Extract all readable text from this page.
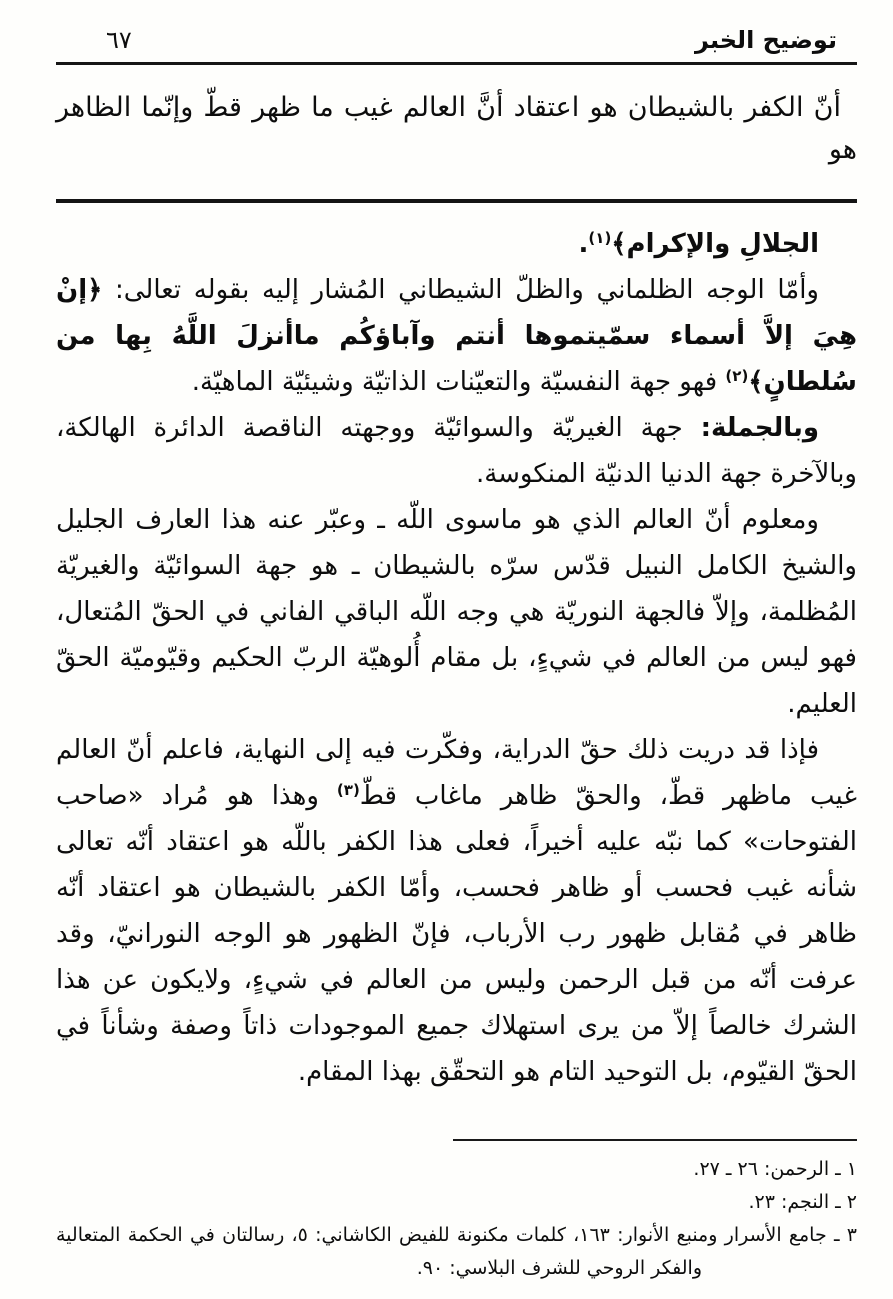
توضيح الخبر
٦٧

أنّ الكفر بالشيطان هو اعتقاد أنَّ العالم غيب ما ظهر قطّ وإنّما الظاهر هو

الجلالِ والإكرام﴾$^{(١)}$.

وأمّا الوجه الظلماني والظلّ الشيطاني المُشار إليه بقوله تعالى: ﴿إنْ هِيَ إلاَّ أسماء سمّيتموها أنتم وآباؤكُم ماأنزلَ اللَّهُ بِها من سُلطانٍ﴾$^{(٢)}$ فهو جهة النفسيّة والتعيّنات الذاتيّة وشيئيّة الماهيّة.

وبالجملة: جهة الغيريّة والسوائيّة ووجهته الناقصة الدائرة الهالكة، وبالآخرة جهة الدنيا الدنيّة المنكوسة.

ومعلوم أنّ العالم الذي هو ماسوى اللّه ـ وعبّر عنه هذا العارف الجليل والشيخ الكامل النبيل قدّس سرّه بالشيطان ـ هو جهة السوائيّة والغيريّة المُظلمة، وإلاّ فالجهة النوريّة هي وجه اللّه الباقي الفاني في الحقّ المُتعال، فهو ليس من العالم في شيءٍ، بل مقام أُلوهيّة الربّ الحكيم وقيّوميّة الحقّ العليم.

فإذا قد دريت ذلك حقّ الدراية، وفكّرت فيه إلى النهاية، فاعلم أنّ العالم غيب ماظهر قطّ، والحقّ ظاهر ماغاب قطّ$^{(٣)}$ وهذا هو مُراد «صاحب الفتوحات» كما نبّه عليه أخيراً، فعلى هذا الكفر باللّه هو اعتقاد أنّه تعالى شأنه غيب فحسب أو ظاهر فحسب، وأمّا الكفر بالشيطان هو اعتقاد أنّه ظاهر في مُقابل ظهور رب الأرباب، فإنّ الظهور هو الوجه النورانيّ، وقد عرفت أنّه من قبل الرحمن وليس من العالم في شيءٍ، ولايكون عن هذا الشرك خالصاً إلاّ من يرى استهلاك جميع الموجودات ذاتاً وصفة وشأناً في الحقّ القيّوم، بل التوحيد التام هو التحقّق بهذا المقام.

١ ـ الرحمن: ٢٦ ـ ٢٧.

٢ ـ النجم: ٢٣.

٣ ـ جامع الأسرار ومنبع الأنوار: ١٦٣، كلمات مكنونة للفيض الكاشاني: ٥، رسالتان في الحكمة المتعالية والفكر الروحي للشرف البلاسي: ٩٠.
